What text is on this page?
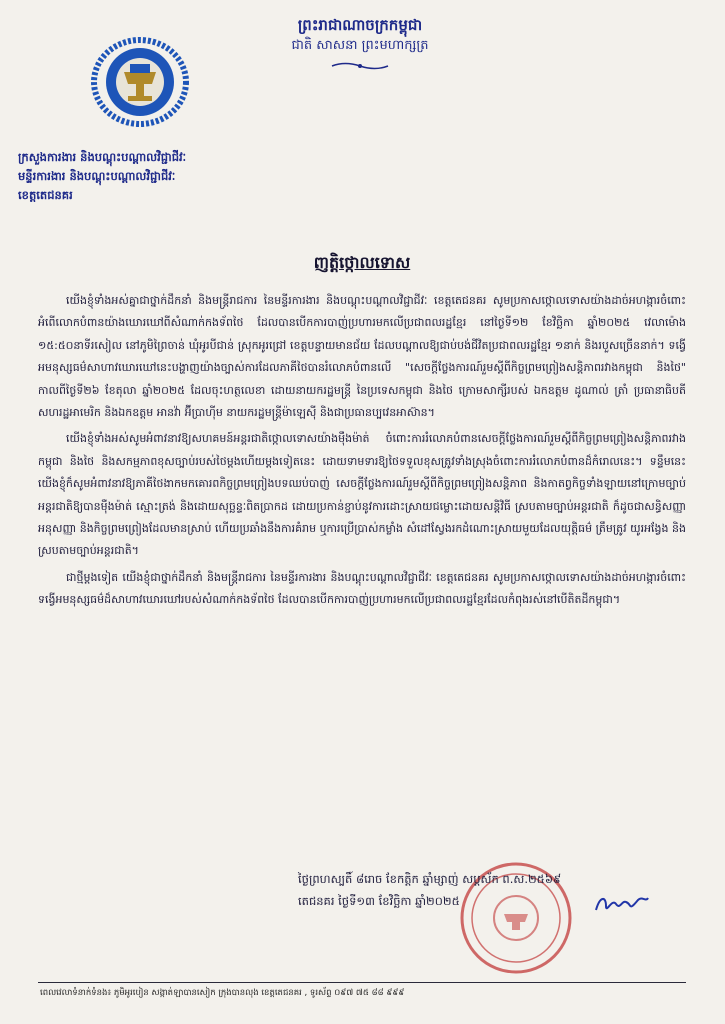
ព្រះរាជាណាចក្រកម្ពុជា
ជាតិ សាសនា ព្រះមហាក្សត្រ
ក្រសួងការងារ និងបណ្តុះបណ្តាលវិជ្ជាជីវៈ
មន្ទីរការងារ និងបណ្តុះបណ្តាលវិជ្ជាជីវៈ
ខេត្តតេជនគរ
ញត្តិថ្កោលទោស

យើងខ្ញុំទាំងអស់គ្នាជាថ្នាក់ដឹកនាំ និងមន្ត្រីរាជការ នៃមន្ទីរការងារ និងបណ្តុះបណ្តាលវិជ្ជាជីវៈ ខេត្តតេជនគរ សូមប្រកាសថ្កោលទោសយ៉ាងដាច់អហង្ការចំពោះអំពើលោកបំពានយ៉ាងឃោរឃៅពីសំណាក់កងទ័ពថៃ ដែលបានបើកការបាញ់ប្រហារមកលើប្រជាពលរដ្ឋខ្មែរ នៅថ្ងៃទី១២ ខែវិច្ឆិកា ឆ្នាំ២០២៥ វេលាម៉ោង ១៥:៥០នាទីរសៀល នៅភូមិព្រៃចាន់ ឃុំអូរបីជាន់ ស្រុកអូរជ្រៅ ខេត្តបន្ទាយមានជ័យ ដែលបណ្តាលឱ្យជាប់បង់ជីវិតប្រជាពលរដ្ឋខ្មែរ ១នាក់ និងរបួសច្រើននាក់។ ទង្វើអមនុស្សធម៌សាហាវឃោរឃៅនេះបង្ហាញយ៉ាងច្បាស់ការដែលភាគីថៃបានរំលោភបំពានលើ "សេចក្តីថ្លែងការណ៍រួមស្តីពីកិច្ចព្រមព្រៀងសន្តិភាពរវាងកម្ពុជា និងថៃ" កាលពីថ្ងៃទី២៦ ខែតុលា ឆ្នាំ២០២៥ ដែលចុះហត្ថលេខា ដោយនាយករដ្ឋមន្ត្រី នៃប្រទេសកម្ពុជា និងថៃ ក្រោមសាក្សីរបស់ ឯកឧត្តម ដូណាល់ ត្រាំ ប្រធានាធិបតីសហរដ្ឋអាមេរិក និងឯកឧត្តម អានវ៉ា អ៊ីប្រាហ៊ីម នាយករដ្ឋមន្ត្រីម៉ាឡេស៊ី និងជាប្រធានប្បវេនអាស៊ាន។

យើងខ្ញុំទាំងអស់សូមអំពាវនាវឱ្យសហគមន៍អន្តរជាតិថ្កោលទោសយ៉ាងម៉ឺងម៉ាត់ ចំពោះការរំលោភបំពានសេចក្តីថ្លែងការណ៍រួមស្តីពីកិច្ចព្រមព្រៀងសន្តិភាពរវាងកម្ពុជា និងថៃ និងសកម្មភាពខុសច្បាប់របស់ថៃម្តងហើយម្តងទៀតនេះ ដោយទាមទារឱ្យថៃទទួលខុសត្រូវទាំងស្រុងចំពោះការរំលោភបំពានដ៏កំរោលនេះ។ ទន្ទឹមនេះ យើងខ្ញុំក៏សូមអំពាវនាវឱ្យភាគីថៃងាកមកគោរពកិច្ចព្រមព្រៀងបទឈប់បាញ់ សេចក្តីថ្លែងការណ៍រួមស្តីពីកិច្ចព្រមព្រៀងសន្តិភាព និងកាតព្វកិច្ចទាំងឡាយនៅក្រោមច្បាប់អន្តរជាតិឱ្យបានម៉ឺងម៉ាត់ ស្មោះត្រង់ និងដោយសុច្ឆន្ទៈពិតប្រាកដ ដោយប្រកាន់ខ្ជាប់នូវការដោះស្រាយជម្លោះដោយសន្តិវិធី ស្របតាមច្បាប់អន្តរជាតិ ក៏ដូចជាសន្ធិសញ្ញា អនុសញ្ញា និងកិច្ចព្រមព្រៀងដែលមានស្រាប់ ហើយប្រឆាំងនឹងការគំរាម ឬការប្រើប្រាស់កម្លាំង សំដៅស្វែងរកដំណោះស្រាយមួយដែលយុត្តិធម៌ ត្រឹមត្រូវ យូរអង្វែង និងស្របតាមច្បាប់អន្តរជាតិ។

ជាថ្មីម្តងទៀត យើងខ្ញុំជាថ្នាក់ដឹកនាំ និងមន្ត្រីរាជការ នៃមន្ទីរការងារ និងបណ្តុះបណ្តាលវិជ្ជាជីវៈ ខេត្តតេជនគរ សូមប្រកាសថ្កោលទោសយ៉ាងដាច់អហង្ការចំពោះទង្វើអមនុស្សធម៌ដ៏សាហាវឃោរឃៅរបស់សំណាក់កងទ័ពថៃ ដែលបានបើកការបាញ់ប្រហារមកលើប្រជាពលរដ្ឋខ្មែរដែលកំពុងរស់នៅបើតិតដីកម្ពុជា។

ថ្ងៃព្រហស្បតិ៍ ៨រោច ខែកត្តិក ឆ្នាំម្សាញ់ សប្តស័ក ព.ស.២៥៦៩
តេជនគរ ថ្ងៃទី១៣ ខែវិច្ឆិកា ឆ្នាំ២០២៥
ពេលវេលាទំនាក់ទំនង៖ ភូមិអូរបៀន សង្កាត់ឡាបានសៀក ក្រុងបានលុង ខេត្តតេជនគរ , ទូរស័ព្ទ ០៩៧ ៧៥ ៨៨ ៩៩៩
